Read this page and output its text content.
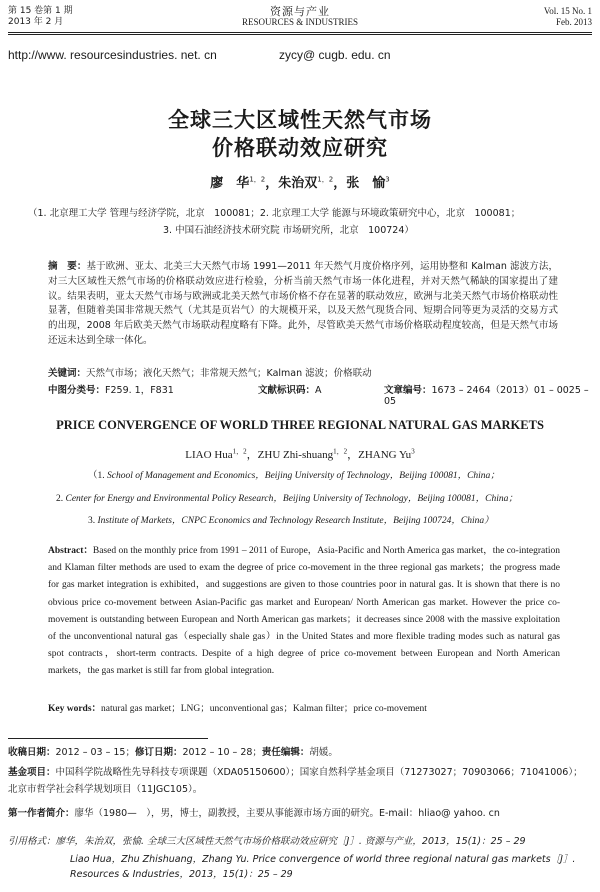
第 15 卷第 1 期
2013 年 2 月
资源与产业
RESOURCES & INDUSTRIES
Vol. 15 No. 1
Feb. 2013
http://www. resourcesindustries. net. cn	zycy@ cugb. edu. cn
全球三大区域性天然气市场
价格联动效应研究
廖　华$^{1,2}$，朱治双$^{1,2}$，张　愉$^3$
（1. 北京理工大学 管理与经济学院，北京　100081；2. 北京理工大学 能源与环境政策研究中心，北京　100081；
3. 中国石油经济技术研究院 市场研究所，北京　100724）
摘　要：基于欧洲、亚太、北美三大天然气市场 1991—2011 年天然气月度价格序列，运用协整和 Kalman 滤波方法，对三大区域性天然气市场的价格联动效应进行检验，分析当前天然气市场一体化进程，并对天然气稀缺的国家提出了建议。结果表明，亚太天然气市场与欧洲或北美天然气市场价格不存在显著的联动效应，欧洲与北美天然气市场价格联动性显著，但随着美国非常规天然气（尤其是页岩气）的大规模开采，以及天然气现货合同、短期合同等更为灵活的交易方式的出现，2008 年后欧美天然气市场联动程度略有下降。此外，尽管欧美天然气市场价格联动程度较高，但是天然气市场还远未达到全球一体化。
关键词：天然气市场；液化天然气；非常规天然气；Kalman 滤波；价格联动
中图分类号：F259. 1，F831	文献标识码：A	文章编号：1673 – 2464（2013）01 – 0025 – 05
PRICE CONVERGENCE OF WORLD THREE REGIONAL NATURAL GAS MARKETS
LIAO Hua$^{1,2}$，ZHU Zhi-shuang$^{1,2}$，ZHANG Yu$^3$
（1. School of Management and Economics，Beijing University of Technology，Beijing 100081，China；
2. Center for Energy and Environmental Policy Research，Beijing University of Technology，Beijing 100081，China；
3. Institute of Markets，CNPC Economics and Technology Research Institute，Beijing 100724，China）
Abstract：Based on the monthly price from 1991 – 2011 of Europe，Asia-Pacific and North America gas market，the co-integration and Klaman filter methods are used to exam the degree of price co-movement in the three regional gas markets；the progress made for gas market integration is exhibited，and suggestions are given to those countries poor in natural gas. It is shown that there is no obvious price co-movement between Asian-Pacific gas market and European/ North American gas market. However the price co-movement is outstanding between European and North American gas markets；it decreases since 2008 with the massive exploitation of the unconventional natural gas（especially shale gas）in the United States and more flexible trading modes such as natural gas spot contracts，short-term contracts. Despite of a high degree of price co-movement between European and North American markets，the gas market is still far from global integration.
Key words：natural gas market；LNG；unconventional gas；Kalman filter；price co-movement
收稿日期：2012 – 03 – 15；修订日期：2012 – 10 – 28；责任编辑：胡媛。
基金项目：中国科学院战略性先导科技专项课题（XDA05150600）；国家自然科学基金项目（71273027；70903066；71041006）；北京市哲学社会科学规划项目（11JGC105）。
第一作者简介：廖华（1980—　），男，博士，副教授，主要从事能源市场方面的研究。E-mail：hliao@ yahoo. cn
引用格式：廖华，朱治双，张愉. 全球三大区域性天然气市场价格联动效应研究［J］. 资源与产业，2013，15(1)：25 – 29
Liao Hua，Zhu Zhishuang，Zhang Yu. Price convergence of world three regional natural gas markets［J］. Resources & Industries，2013，15(1)：25 – 29
